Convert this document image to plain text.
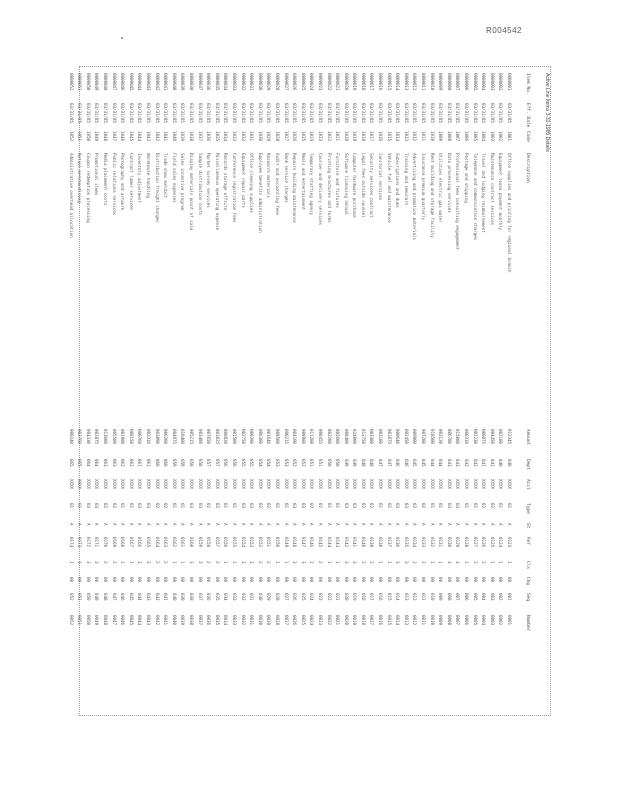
R004542
Active Line Items 3-31-1985 Details
Item No.
Eff. Date
Code
Description
Amount
Dept
Acct
Type
St
Ref
Cls
Chg
Seq
Number
0000001
03/31/85
1001
Office supplies and printing for regional branch
012345
040
XXXX
01
A
0123
1
00
001
0001
0000002
03/31/85
1002
Equipment lease payment monthly
002100
040
XXXX
01
A
0124
1
00
002
0002
0000003
03/31/85
1003
Maintenance contract services
004450
041
XXXX
02
A
0125
1
00
003
0003
0000004
03/31/85
1004
Travel and lodging reimbursement
000875
041
XXXX
02
A
0126
2
00
004
0004
0000005
03/31/85
1005
Telephone and communication charges
001230
042
XXXX
01
A
0127
2
00
005
0005
0000006
03/31/85
1006
Postage and shipping
000310
042
XXXX
01
A
0128
1
00
006
0006
0000007
03/31/85
1007
Professional fees consulting engagement
015000
043
XXXX
03
A
0129
3
00
007
0007
0000008
03/31/85
1008
Data processing services
006780
043
XXXX
03
A
0130
3
00
008
0008
0000009
03/31/85
1009
Utilities electric gas water
003120
044
XXXX
01
A
0131
1
00
009
0009
0000010
03/31/85
1010
Rent building and storage facility
018500
044
XXXX
01
A
0132
1
00
010
0010
0000011
03/31/85
1011
Insurance premium quarterly
007200
045
XXXX
02
A
0133
2
00
011
0011
0000012
03/31/85
1012
Advertising and promotion materials
009900
045
XXXX
02
A
0134
2
00
012
0012
0000013
03/31/85
1013
Training and seminars
002450
046
XXXX
03
A
0135
3
00
013
0013
0000014
03/31/85
1014
Subscriptions and dues
000640
046
XXXX
03
A
0136
3
00
014
0014
0000015
03/31/85
1015
Vehicle fuel and maintenance
001875
047
XXXX
01
A
0137
1
00
015
0015
0000016
03/31/85
1016
Janitorial services
001100
047
XXXX
01
A
0138
1
00
016
0016
0000017
03/31/85
1017
Security services contract
003300
048
XXXX
02
A
0139
2
00
017
0017
0000018
03/31/85
1018
Legal fees outside counsel
012750
048
XXXX
02
A
0140
2
00
018
0018
0000019
03/31/85
1019
Computer hardware purchase
024000
049
XXXX
03
A
0141
3
00
019
0019
0000020
03/31/85
1020
Software licensing annual
008400
049
XXXX
03
A
0142
3
00
020
0020
0000021
03/31/85
1021
Furniture and fixtures
005600
050
XXXX
01
A
0143
1
00
021
0021
0000022
03/31/85
1022
Printing brochures and forms
002200
050
XXXX
01
A
0144
1
00
022
0022
0000023
03/31/85
1023
Courier and delivery services
000455
051
XXXX
02
A
0145
2
00
023
0023
0000024
03/31/85
1024
Temporary staffing agency
011200
051
XXXX
02
A
0146
2
00
024
0024
0000025
03/31/85
1025
Meals and entertainment
000980
052
XXXX
03
A
0147
3
00
025
0025
0000026
03/31/85
1026
Repairs building maintenance
004100
052
XXXX
03
A
0148
3
00
026
0026
0000027
03/31/85
1027
Bank service charges
000215
053
XXXX
01
A
0149
1
00
027
0027
0000028
03/31/85
1028
Audit and accounting fees
009500
053
XXXX
01
A
0150
1
00
028
0028
0000029
03/31/85
1029
Research materials
001640
054
XXXX
02
A
0151
2
00
029
0029
0000030
03/31/85
1030
Employee benefits administration
006300
054
XXXX
02
A
0152
2
00
030
0030
0000031
03/31/85
1031
Office cleaning supplies
000390
055
XXXX
03
A
0153
3
00
031
0031
0000032
03/31/85
1032
Equipment repair parts
002750
055
XXXX
03
A
0154
3
00
032
0032
0000033
03/31/85
1033
Conference registration fees
001500
056
XXXX
01
A
0155
1
00
033
0033
0000034
03/31/85
1034
Records storage offsite
000820
056
XXXX
01
A
0156
1
00
034
0034
0000035
03/31/85
1035
Miscellaneous operating expense
001025
057
XXXX
02
A
0157
2
00
035
0035
0000036
03/31/85
1036
Market survey services
007650
057
XXXX
02
A
0158
2
00
036
0036
0000037
03/31/85
1037
Sample distribution costs
003480
058
XXXX
03
A
0159
3
00
037
0037
0000038
03/31/85
1038
Display materials point of sale
005215
058
XXXX
03
A
0160
3
00
038
0038
0000039
03/31/85
1039
Sales incentive program
010400
059
XXXX
01
A
0161
1
00
039
0039
0000040
03/31/85
1040
Field sales expenses
004975
059
XXXX
01
A
0162
1
00
040
0040
0000041
03/31/85
1041
Trade show exhibit
006200
060
XXXX
02
A
0163
2
00
041
0041
0000042
03/31/85
1042
Distribution freight charges
003890
060
XXXX
02
A
0164
2
00
042
0042
0000043
03/31/85
1043
Warehouse handling
002310
061
XXXX
03
A
0165
3
00
043
0043
0000044
03/31/85
1044
Inventory adjustment
000760
061
XXXX
03
A
0166
3
00
044
0044
0000045
03/31/85
1045
Contract labor services
008150
062
XXXX
01
A
0167
1
00
045
0045
0000046
03/31/85
1046
Photography and artwork
001980
062
XXXX
01
A
0168
1
00
046
0046
0000047
03/31/85
1047
Public relations services
005500
063
XXXX
02
A
0169
2
00
047
0047
0000048
03/31/85
1048
Media placement costs
013600
063
XXXX
02
A
0170
2
00
048
0048
0000049
03/31/85
1049
Promotional items
002875
064
XXXX
03
A
0171
3
00
049
0049
0000050
03/31/85
1050
Coupon redemption processing
004330
064
XXXX
03
A
0172
3
00
050
0050
0000051
03/31/85
1051
Retail merchandising
003760
065
XXXX
01
A
0173
1
00
051
0051
0000052
03/31/85
1052
Administrative overhead allocation
009240
065
XXXX
01
A
0174
1
00
052
0052
